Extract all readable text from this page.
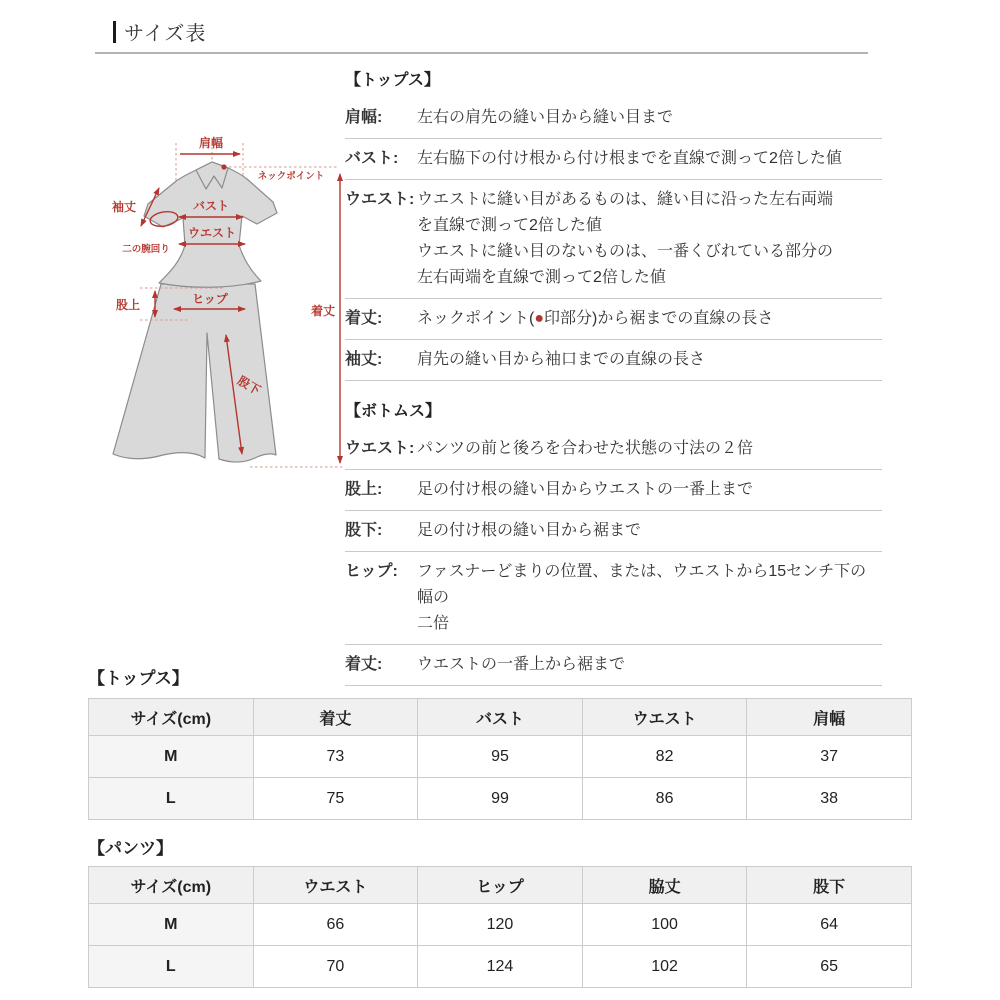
サイズ表
肩幅
ネックポイント
着丈
袖丈
二の腕回り
バスト
ウエスト
股上	ヒップ
股下
【トップス】
肩幅:	左右の肩先の縫い目から縫い目まで
バスト:	左右脇下の付け根から付け根までを直線で測って2倍した値
ウエスト: ウエストに縫い目があるものは、縫い目に沿った左右両端
を直線で測って2倍した値
ウエストに縫い目のないものは、一番くびれている部分の
左右両端を直線で測って2倍した値
着丈:	ネックポイント(●印部分)から裾までの直線の長さ
袖丈:	肩先の縫い目から袖口までの直線の長さ
【ボトムス】
ウエスト: パンツの前と後ろを合わせた状態の寸法の２倍
股上:	足の付け根の縫い目からウエストの一番上まで
股下:	足の付け根の縫い目から裾まで
ヒップ:	ファスナーどまりの位置、または、ウエストから15センチ下の幅の
二倍
着丈:	ウエストの一番上から裾まで
【トップス】
サイズ(cm)	着丈	バスト	ウエスト	肩幅
M	73	95	82	37
L	75	99	86	38
【パンツ】
サイズ(cm)	ウエスト	ヒップ	脇丈	股下
M	66	120	100	64
L	70	124	102	65
